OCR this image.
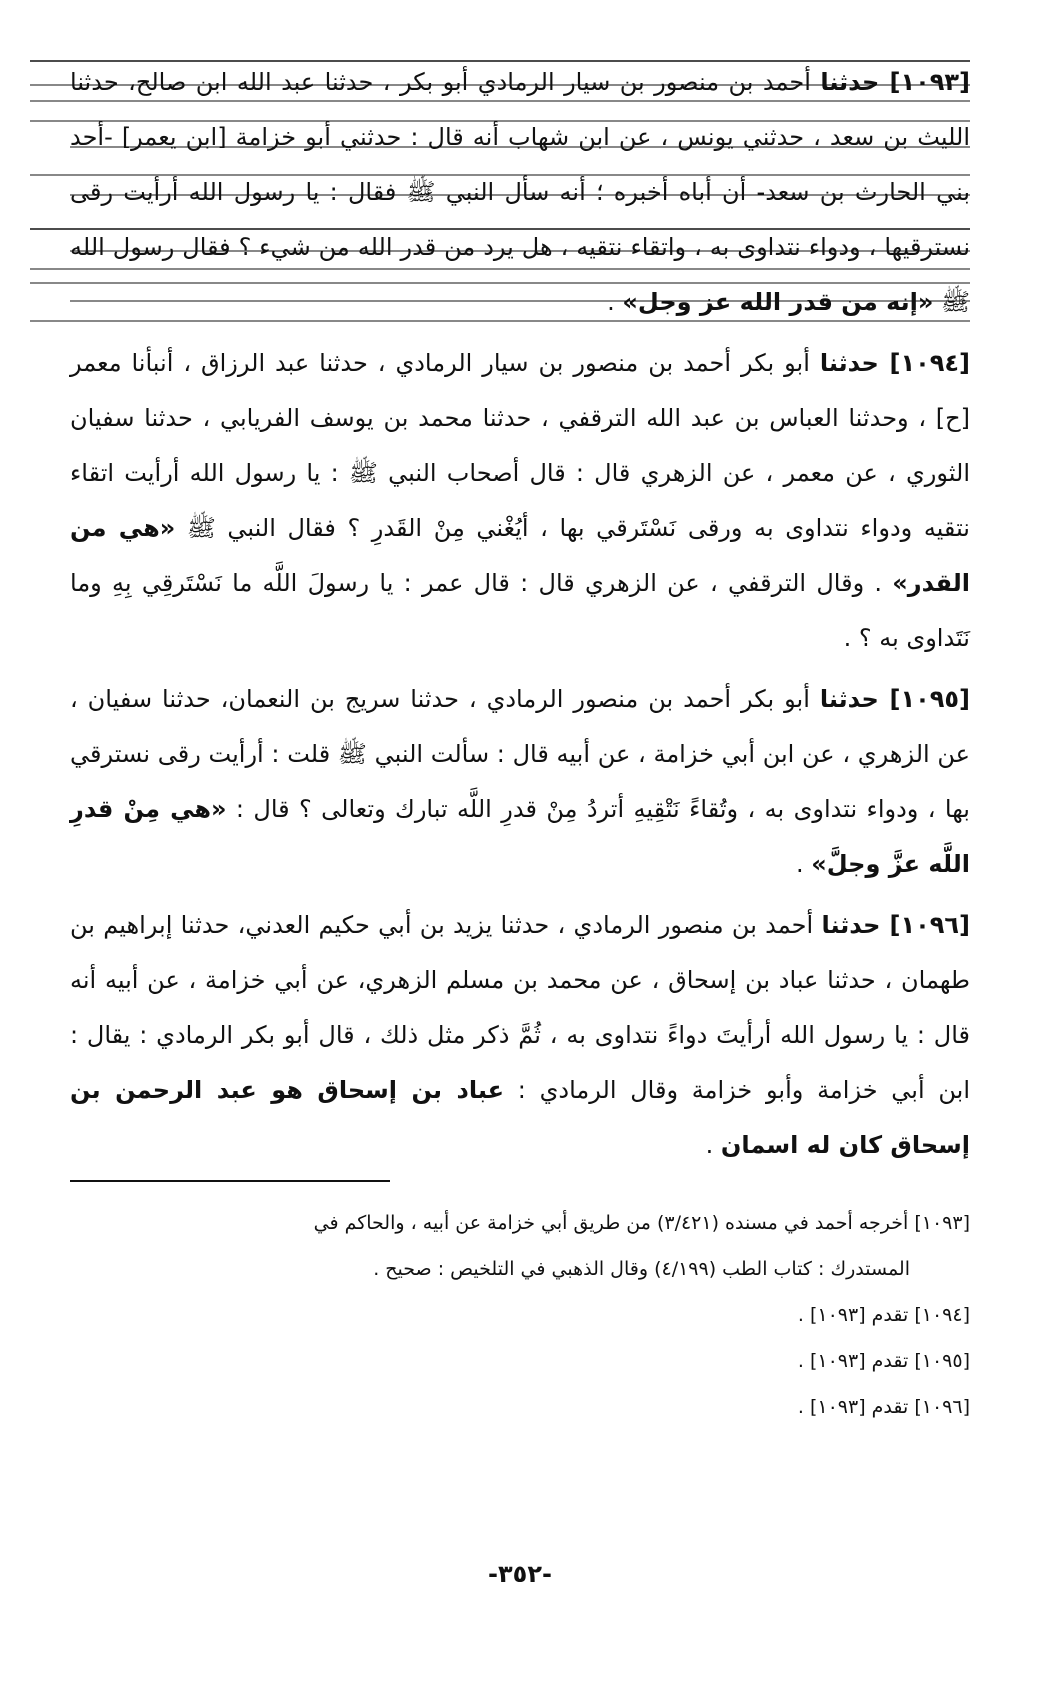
[١٠٩٣] حدثنا أحمد بن منصور بن سيار الرمادي أبو بكر ، حدثنا عبد الله ابن صالح، حدثنا الليث بن سعد ، حدثني يونس ، عن ابن شهاب أنه قال : حدثني أبو خزامة [ابن يعمر] -أحد بني الحارث بن سعد- أن أباه أخبره ؛ أنه سأل النبي ﷺ فقال : يا رسول الله أرأيت رقى نسترقيها ، ودواء نتداوى به ، واتقاء نتقيه ، هل يرد من قدر الله من شيء ؟ فقال رسول الله ﷺ «إنه من قدر الله عز وجل» .

[١٠٩٤] حدثنا أبو بكر أحمد بن منصور بن سيار الرمادي ، حدثنا عبد الرزاق ، أنبأنا معمر [ح] ، وحدثنا العباس بن عبد الله الترقفي ، حدثنا محمد بن يوسف الفريابي ، حدثنا سفيان الثوري ، عن معمر ، عن الزهري قال : قال أصحاب النبي ﷺ : يا رسول الله أرأيت اتقاء نتقيه ودواء نتداوى به ورقى نَسْتَرقي بها ، أيُغْني مِنْ القَدرِ ؟ فقال النبي ﷺ «هي من القدر» . وقال الترقفي ، عن الزهري قال : قال عمر : يا رسولَ اللَّه ما نَسْتَرقِي بِهِ وما نَتَداوى به ؟ .

[١٠٩٥] حدثنا أبو بكر أحمد بن منصور الرمادي ، حدثنا سريج بن النعمان، حدثنا سفيان ، عن الزهري ، عن ابن أبي خزامة ، عن أبيه قال : سألت النبي ﷺ قلت : أرأيت رقى نسترقي بها ، ودواء نتداوى به ، وتُقاءً نَتْقِيهِ أتردُ مِنْ قدرِ اللَّه تبارك وتعالى ؟ قال : «هي مِنْ قدرِ اللَّه عزَّ وجلَّ» .

[١٠٩٦] حدثنا أحمد بن منصور الرمادي ، حدثنا يزيد بن أبي حكيم العدني، حدثنا إبراهيم بن طهمان ، حدثنا عباد بن إسحاق ، عن محمد بن مسلم الزهري، عن أبي خزامة ، عن أبيه أنه قال : يا رسول الله أرأيتَ دواءً نتداوى به ، ثُمَّ ذكر مثل ذلك ، قال أبو بكر الرمادي : يقال : ابن أبي خزامة وأبو خزامة وقال الرمادي : عباد بن إسحاق هو عبد الرحمن بن إسحاق كان له اسمان .

[١٠٩٣] أخرجه أحمد في مسنده (٣/٤٢١) من طريق أبي خزامة عن أبيه ، والحاكم في

المستدرك : كتاب الطب (٤/١٩٩) وقال الذهبي في التلخيص : صحيح .

[١٠٩٤] تقدم [١٠٩٣] .

[١٠٩٥] تقدم [١٠٩٣] .

[١٠٩٦] تقدم [١٠٩٣] .

-٣٥٢-
